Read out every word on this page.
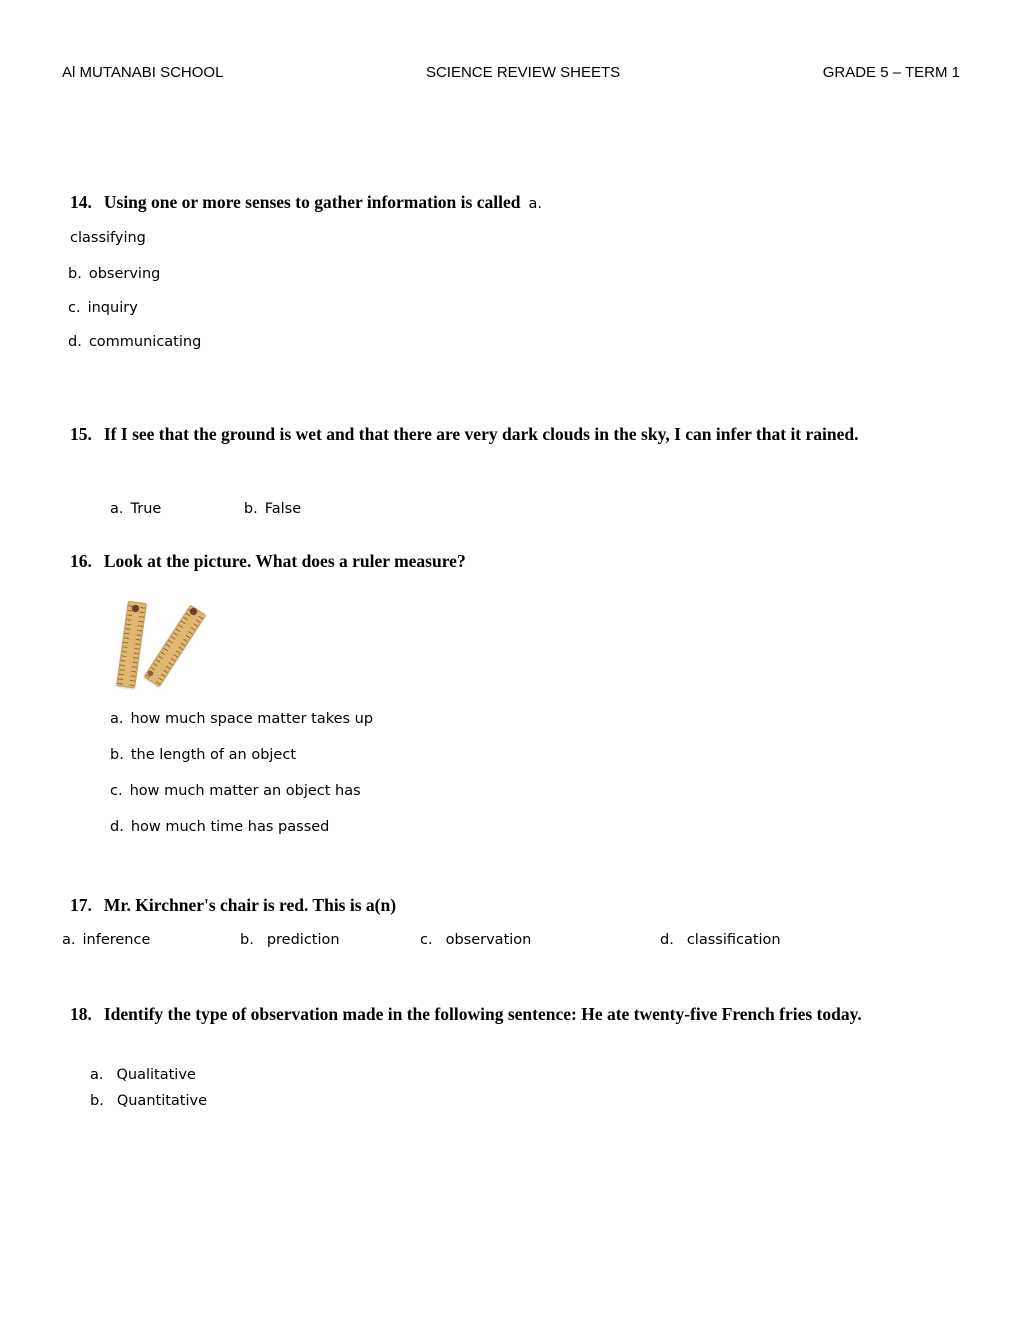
Al MUTANABI SCHOOL	SCIENCE REVIEW SHEETS	GRADE 5 – TERM 1
14. Using one or more senses to gather information is called a.
classifying
b. observing
c. inquiry
d. communicating
15. If I see that the ground is wet and that there are very dark clouds in the sky, I can infer that it rained.
a. True	b. False
16. Look at the picture. What does a ruler measure?
a. how much space matter takes up
b. the length of an object
c. how much matter an object has
d. how much time has passed
17. Mr. Kirchner's chair is red. This is a(n)
a. inference	b. prediction	c. observation	d. classification
18. Identify the type of observation made in the following sentence: He ate twenty-five French fries today.
a. Qualitative
b. Quantitative
